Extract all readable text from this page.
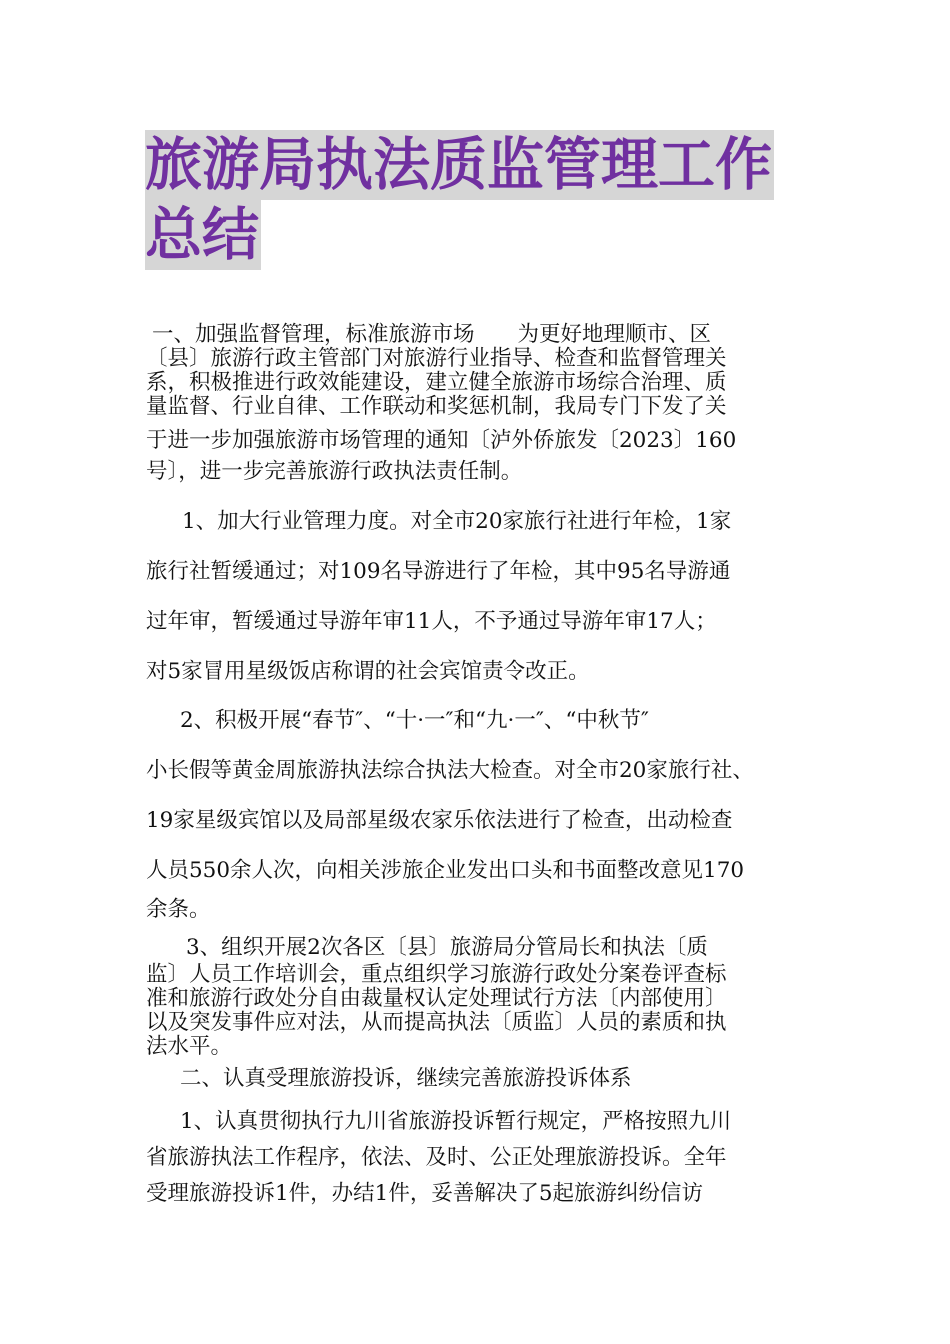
旅游局执法质监管理工作
总结

一、加强监督管理，标准旅游市场　　为更好地理顺市、区
〔县〕旅游行政主管部门对旅游行业指导、检查和监督管理关
系，积极推进行政效能建设，建立健全旅游市场综合治理、质
量监督、行业自律、工作联动和奖惩机制，我局专门下发了关
于进一步加强旅游市场管理的通知〔泸外侨旅发〔2023〕160
号〕，进一步完善旅游行政执法责任制。

1、加大行业管理力度。对全市20家旅行社进行年检，1家
旅行社暂缓通过；对109名导游进行了年检，其中95名导游通
过年审，暂缓通过导游年审11人，不予通过导游年审17人；
对5家冒用星级饭店称谓的社会宾馆责令改正。

2、积极开展“春节″、“十·一″和“九·一″、“中秋节″
小长假等黄金周旅游执法综合执法大检查。对全市20家旅行社、
19家星级宾馆以及局部星级农家乐依法进行了检查，出动检查
人员550余人次，向相关涉旅企业发出口头和书面整改意见170
余条。

3、组织开展2次各区〔县〕旅游局分管局长和执法〔质
监〕人员工作培训会，重点组织学习旅游行政处分案卷评查标
准和旅游行政处分自由裁量权认定处理试行方法〔内部使用〕
以及突发事件应对法，从而提高执法〔质监〕人员的素质和执
法水平。

二、认真受理旅游投诉，继续完善旅游投诉体系

1、认真贯彻执行九川省旅游投诉暂行规定，严格按照九川
省旅游执法工作程序，依法、及时、公正处理旅游投诉。全年
受理旅游投诉1件，办结1件，妥善解决了5起旅游纠纷信访
